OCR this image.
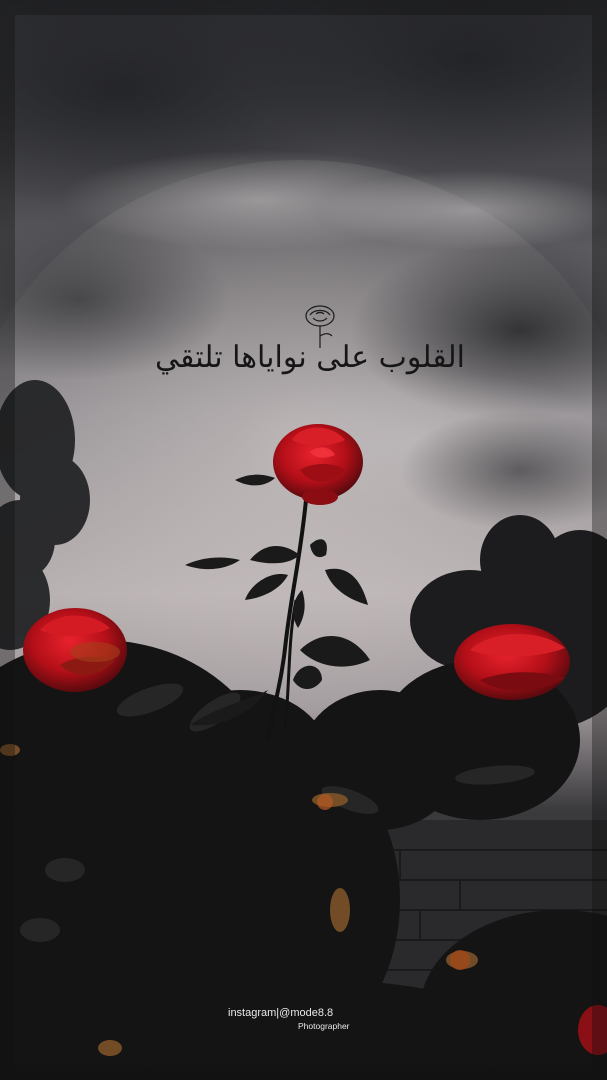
القلوب على نواياها تلتقي
instagram|@mode8.8
Photographer
